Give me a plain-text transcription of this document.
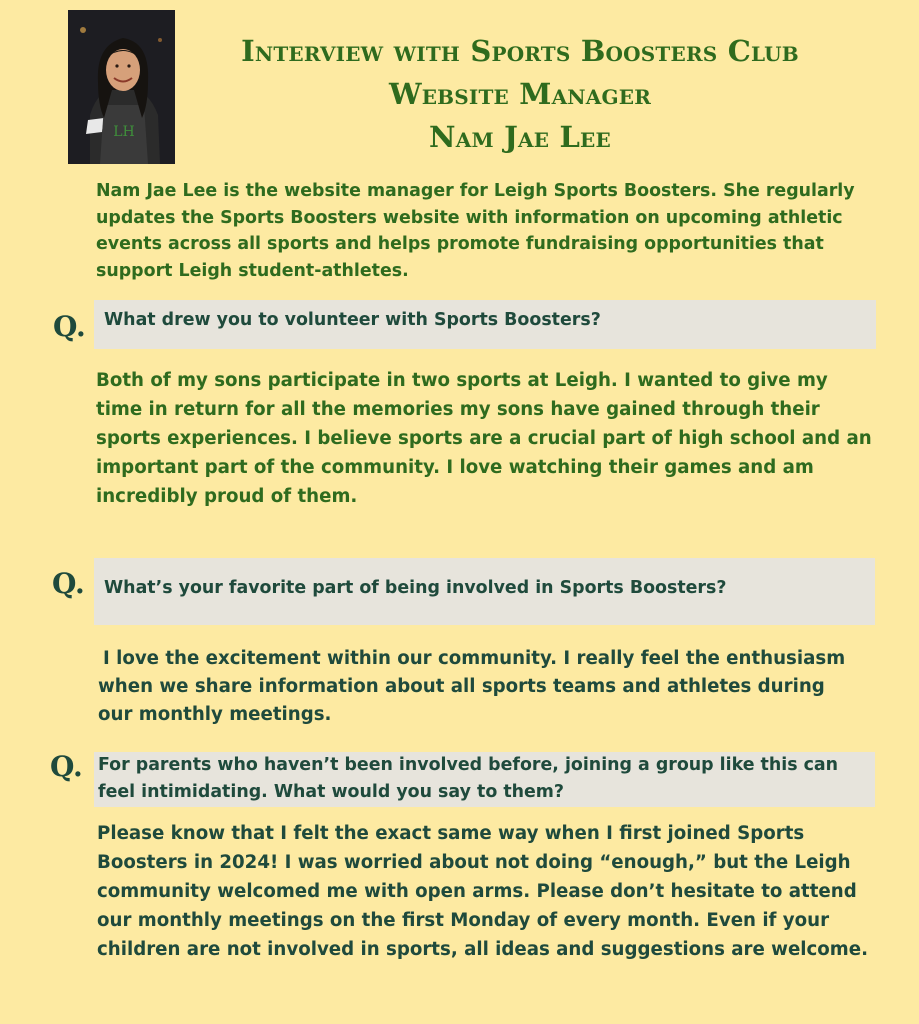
LH
Interview with Sports Boosters Club
Website Manager
Nam Jae Lee
Nam Jae Lee is the website manager for Leigh Sports Boosters. She regularly updates the Sports Boosters website with information on upcoming athletic events across all sports and helps promote fundraising opportunities that support Leigh student-athletes.
Q.	What drew you to volunteer with Sports Boosters?
Both of my sons participate in two sports at Leigh. I wanted to give my time in return for all the memories my sons have gained through their sports experiences. I believe sports are a crucial part of high school and an important part of the community. I love watching their games and am incredibly proud of them.
Q.	What’s your favorite part of being involved in Sports Boosters?
I love the excitement within our community. I really feel the enthusiasm when we share information about all sports teams and athletes during our monthly meetings.
Q. For parents who haven’t been involved before, joining a group like this can feel intimidating. What would you say to them?
Please know that I felt the exact same way when I first joined Sports Boosters in 2024! I was worried about not doing “enough,” but the Leigh community welcomed me with open arms. Please don’t hesitate to attend our monthly meetings on the first Monday of every month. Even if your children are not involved in sports, all ideas and suggestions are welcome.
